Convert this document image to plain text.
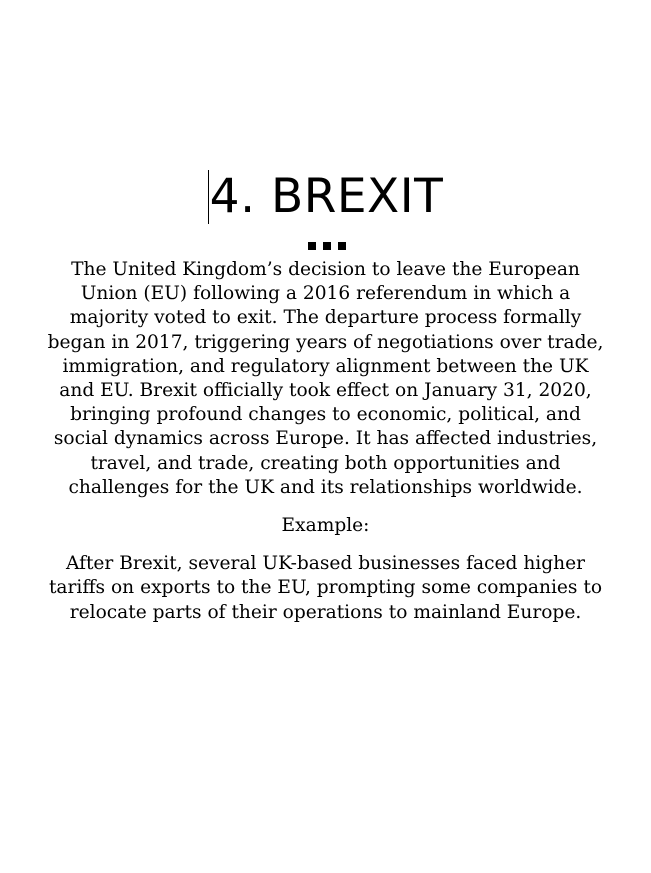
4. BREXIT

The United Kingdom’s decision to leave the European Union (EU) following a 2016 referendum in which a majority voted to exit. The departure process formally began in 2017, triggering years of negotiations over trade, immigration, and regulatory alignment between the UK and EU. Brexit officially took effect on January 31, 2020, bringing profound changes to economic, political, and social dynamics across Europe. It has affected industries, travel, and trade, creating both opportunities and challenges for the UK and its relationships worldwide.

Example:

After Brexit, several UK-based businesses faced higher tariffs on exports to the EU, prompting some companies to relocate parts of their operations to mainland Europe.
